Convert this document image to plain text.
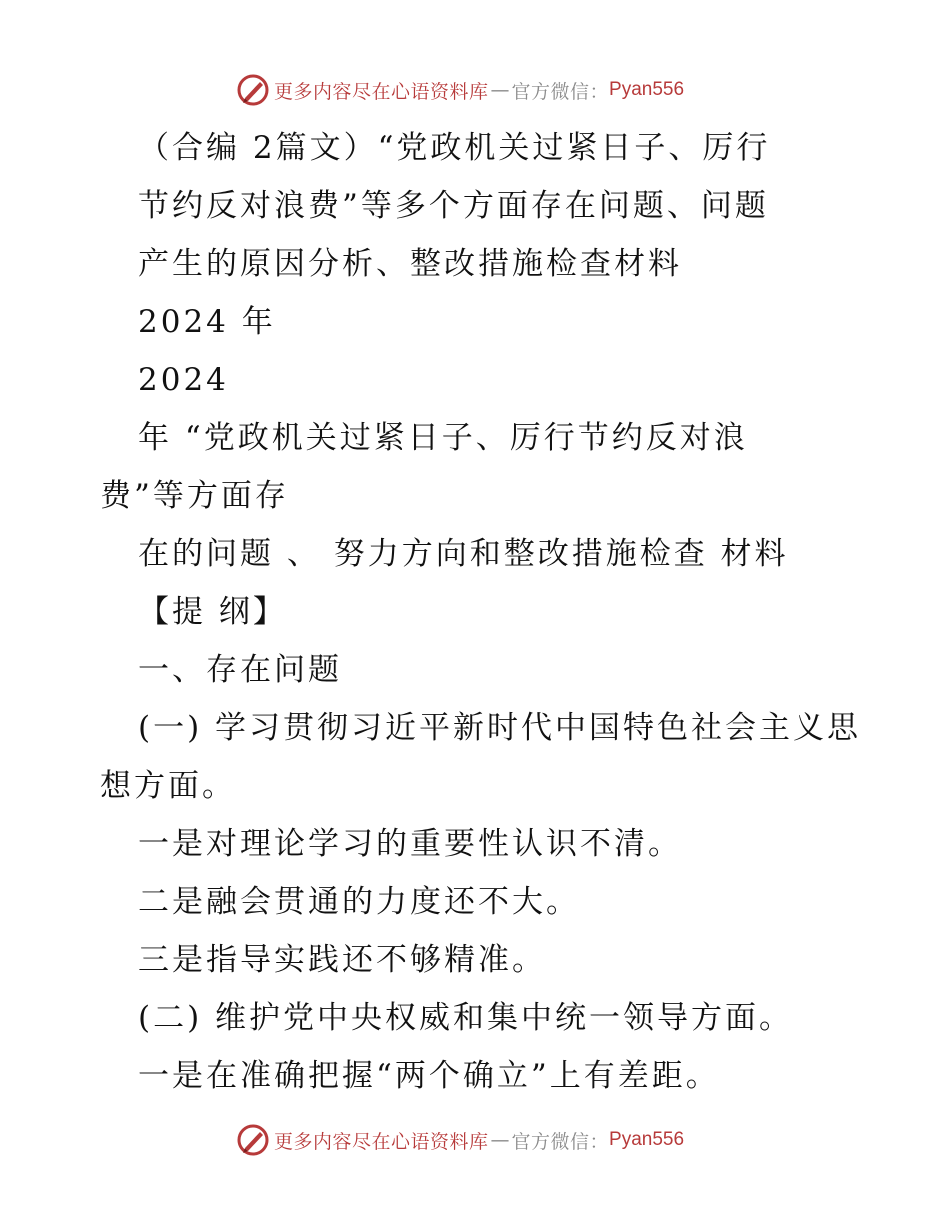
更多内容尽在心语资料库 — 官方微信： Pyan556
（合编 2篇文）“党政机关过紧日子、厉行
节约反对浪费”等多个方面存在问题、问题
产生的原因分析、整改措施检查材料
2024 年
2024
年 “党政机关过紧日子、厉行节约反对浪
费”等方面存
在的问题 、 努力方向和整改措施检查 材料
【提 纲】
一、存在问题
(一) 学习贯彻习近平新时代中国特色社会主义思
想方面。
一是对理论学习的重要性认识不清。
二是融会贯通的力度还不大。
三是指导实践还不够精准。
(二) 维护党中央权威和集中统一领导方面。
一是在准确把握“两个确立”上有差距。
更多内容尽在心语资料库 — 官方微信： Pyan556
